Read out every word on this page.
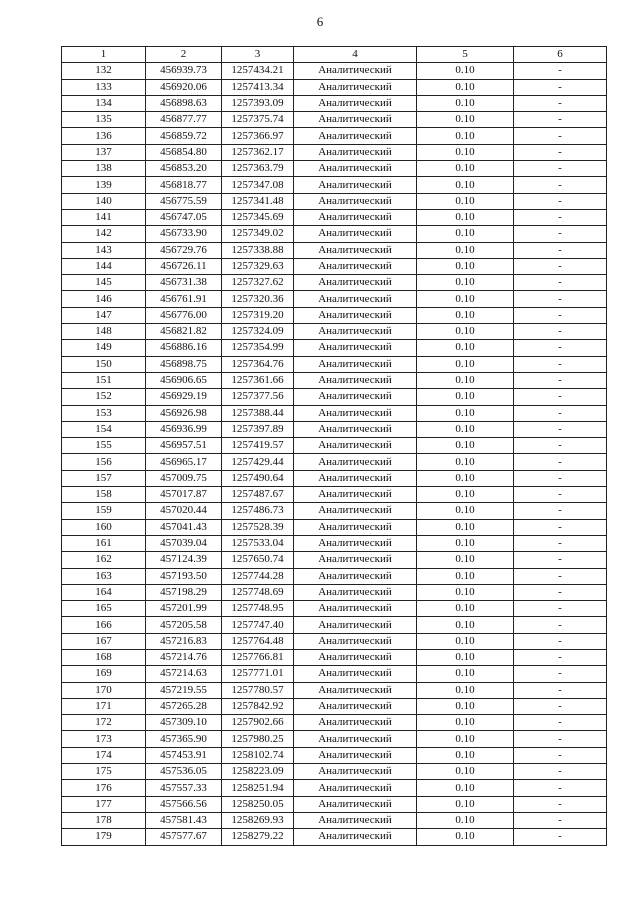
6
1	2	3	4	5	6
132	456939.73	1257434.21	Аналитический	0.10	-
133	456920.06	1257413.34	Аналитический	0.10	-
134	456898.63	1257393.09	Аналитический	0.10	-
135	456877.77	1257375.74	Аналитический	0.10	-
136	456859.72	1257366.97	Аналитический	0.10	-
137	456854.80	1257362.17	Аналитический	0.10	-
138	456853.20	1257363.79	Аналитический	0.10	-
139	456818.77	1257347.08	Аналитический	0.10	-
140	456775.59	1257341.48	Аналитический	0.10	-
141	456747.05	1257345.69	Аналитический	0.10	-
142	456733.90	1257349.02	Аналитический	0.10	-
143	456729.76	1257338.88	Аналитический	0.10	-
144	456726.11	1257329.63	Аналитический	0.10	-
145	456731.38	1257327.62	Аналитический	0.10	-
146	456761.91	1257320.36	Аналитический	0.10	-
147	456776.00	1257319.20	Аналитический	0.10	-
148	456821.82	1257324.09	Аналитический	0.10	-
149	456886.16	1257354.99	Аналитический	0.10	-
150	456898.75	1257364.76	Аналитический	0.10	-
151	456906.65	1257361.66	Аналитический	0.10	-
152	456929.19	1257377.56	Аналитический	0.10	-
153	456926.98	1257388.44	Аналитический	0.10	-
154	456936.99	1257397.89	Аналитический	0.10	-
155	456957.51	1257419.57	Аналитический	0.10	-
156	456965.17	1257429.44	Аналитический	0.10	-
157	457009.75	1257490.64	Аналитический	0.10	-
158	457017.87	1257487.67	Аналитический	0.10	-
159	457020.44	1257486.73	Аналитический	0.10	-
160	457041.43	1257528.39	Аналитический	0.10	-
161	457039.04	1257533.04	Аналитический	0.10	-
162	457124.39	1257650.74	Аналитический	0.10	-
163	457193.50	1257744.28	Аналитический	0.10	-
164	457198.29	1257748.69	Аналитический	0.10	-
165	457201.99	1257748.95	Аналитический	0.10	-
166	457205.58	1257747.40	Аналитический	0.10	-
167	457216.83	1257764.48	Аналитический	0.10	-
168	457214.76	1257766.81	Аналитический	0.10	-
169	457214.63	1257771.01	Аналитический	0.10	-
170	457219.55	1257780.57	Аналитический	0.10	-
171	457265.28	1257842.92	Аналитический	0.10	-
172	457309.10	1257902.66	Аналитический	0.10	-
173	457365.90	1257980.25	Аналитический	0.10	-
174	457453.91	1258102.74	Аналитический	0.10	-
175	457536.05	1258223.09	Аналитический	0.10	-
176	457557.33	1258251.94	Аналитический	0.10	-
177	457566.56	1258250.05	Аналитический	0.10	-
178	457581.43	1258269.93	Аналитический	0.10	-
179	457577.67	1258279.22	Аналитический	0.10	-
